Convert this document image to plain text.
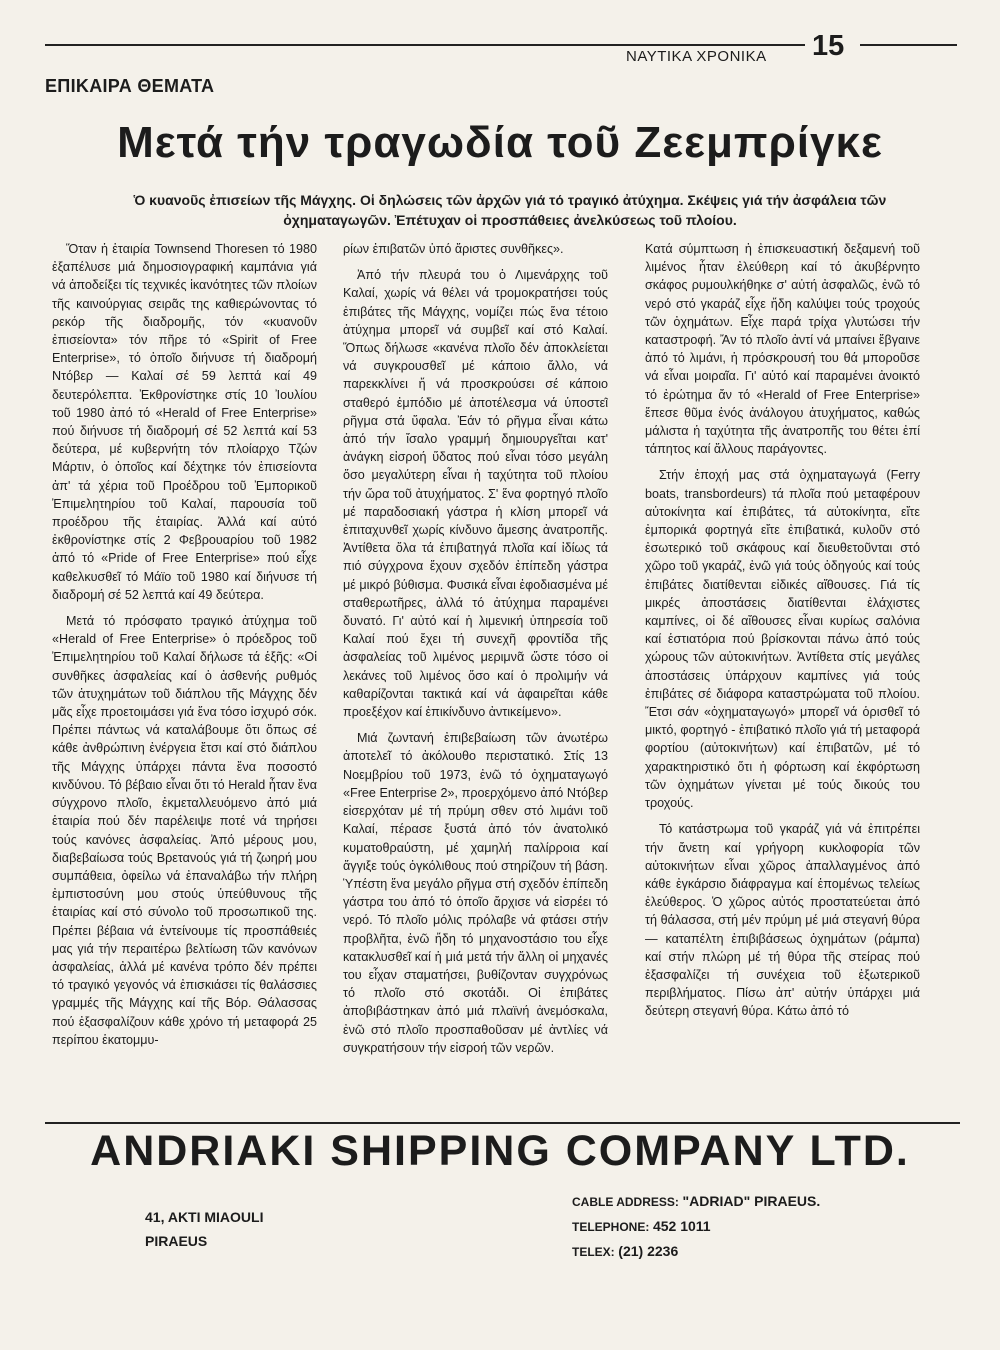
ΝΑΥΤΙΚΑ ΧΡΟΝΙΚΑ 15
ΕΠΙΚΑΙΡΑ ΘΕΜΑΤΑ
Μετά τήν τραγωδία τοῦ Ζεεμπρίγκε
Ὁ κυανοῦς ἐπισείων τῆς Μάγχης. Οἱ δηλώσεις τῶν ἀρχῶν γιά τό τραγικό ἀτύχημα. Σκέψεις γιά τήν ἀσφάλεια τῶν ὀχηματαγωγῶν. Ἐπέτυχαν οἱ προσπάθειες ἀνελκύσεως τοῦ πλοίου.

Ὅταν ἡ ἑταιρία Townsend Thoresen τό 1980 ἐξαπέλυσε μιά δημοσιογραφική καμπάνια γιά νά ἀποδείξει τίς τεχνικές ἱκανότητες τῶν πλοίων τῆς καινούργιας σειρᾶς της καθιερώνοντας τό ρεκόρ τῆς διαδρομῆς, τόν «κυανοῦν ἐπισείοντα» τόν πῆρε τό «Spirit of Free Enterprise», τό ὁποῖο διήνυσε τή διαδρομή Ντόβερ — Καλαί σέ 59 λεπτά καί 49 δευτερόλεπτα. Ἐκθρονίστηκε στίς 10 Ἰουλίου τοῦ 1980 ἀπό τό «Herald of Free Enterprise» πού διήνυσε τή διαδρομή σέ 52 λεπτά καί 53 δεύτερα, μέ κυβερνήτη τόν πλοίαρχο Τζών Μάρτιν, ὁ ὁποῖος καί δέχτηκε τόν ἐπισείοντα ἀπ' τά χέρια τοῦ Προέδρου τοῦ Ἐμπορικοῦ Ἐπιμελητηρίου τοῦ Καλαί, παρουσία τοῦ προέδρου τῆς ἑταιρίας. Ἀλλά καί αὐτό ἐκθρονίστηκε στίς 2 Φεβρουαρίου τοῦ 1982 ἀπό τό «Pride of Free Enterprise» πού εἶχε καθελκυσθεῖ τό Μάϊο τοῦ 1980 καί διήνυσε τή διαδρομή σέ 52 λεπτά καί 49 δεύτερα.

Μετά τό πρόσφατο τραγικό ἀτύχημα τοῦ «Herald of Free Enterprise» ὁ πρόεδρος τοῦ Ἐπιμελητηρίου τοῦ Καλαί δήλωσε τά ἑξῆς: «Οἱ συνθῆκες ἀσφαλείας καί ὁ ἀσθενής ρυθμός τῶν ἀτυχημάτων τοῦ διάπλου τῆς Μάγχης δέν μᾶς εἶχε προετοιμάσει γιά ἕνα τόσο ἰσχυρό σόκ. Πρέπει πάντως νά καταλάβουμε ὅτι ὅπως σέ κάθε ἀνθρώπινη ἐνέργεια ἔτσι καί στό διάπλου τῆς Μάγχης ὑπάρχει πάντα ἕνα ποσοστό κινδύνου. Τό βέβαιο εἶναι ὅτι τό Herald ἦταν ἕνα σύγχρονο πλοῖο, ἐκμεταλλευόμενο ἀπό μιά ἑταιρία πού δέν παρέλειψε ποτέ νά τηρήσει τούς κανόνες ἀσφαλείας. Ἀπό μέρους μου, διαβεβαίωσα τούς Βρετανούς γιά τή ζωηρή μου συμπάθεια, ὀφείλω νά ἐπαναλάβω τήν πλήρη ἐμπιστοσύνη μου στούς ὑπεύθυνους τῆς ἑταιρίας καί στό σύνολο τοῦ προσωπικοῦ της. Πρέπει βέβαια νά ἐντείνουμε τίς προσπάθειές μας γιά τήν περαιτέρω βελτίωση τῶν κανόνων ἀσφαλείας, ἀλλά μέ κανένα τρόπο δέν πρέπει τό τραγικό γεγονός νά ἐπισκιάσει τίς θαλάσσιες γραμμές τῆς Μάγχης καί τῆς Βόρ. Θάλασσας πού ἐξασφαλίζουν κάθε χρόνο τή μεταφορά 25 περίπου ἑκατομμυ-

ρίων ἐπιβατῶν ὑπό ἄριστες συνθῆκες».

Ἀπό τήν πλευρά του ὁ Λιμενάρχης τοῦ Καλαί, χωρίς νά θέλει νά τρομοκρατήσει τούς ἐπιβάτες τῆς Μάγχης, νομίζει πώς ἕνα τέτοιο ἀτύχημα μπορεῖ νά συμβεῖ καί στό Καλαί. Ὅπως δήλωσε «κανένα πλοῖο δέν ἀποκλείεται νά συγκρουσθεῖ μέ κάποιο ἄλλο, νά παρεκκλίνει ἤ νά προσκρούσει σέ κάποιο σταθερό ἐμπόδιο μέ ἀποτέλεσμα νά ὑποστεῖ ρῆγμα στά ὕφαλα. Ἐάν τό ρῆγμα εἶναι κάτω ἀπό τήν ἴσαλο γραμμή δημιουργεῖται κατ' ἀνάγκη εἰσροή ὕδατος πού εἶναι τόσο μεγάλη ὅσο μεγαλύτερη εἶναι ἡ ταχύτητα τοῦ πλοίου τήν ὥρα τοῦ ἀτυχήματος. Σ' ἕνα φορτηγό πλοῖο μέ παραδοσιακή γάστρα ἡ κλίση μπορεῖ νά ἐπιταχυνθεῖ χωρίς κίνδυνο ἄμεσης ἀνατροπῆς. Ἀντίθετα ὅλα τά ἐπιβατηγά πλοῖα καί ἰδίως τά πιό σύγχρονα ἔχουν σχεδόν ἐπίπεδη γάστρα μέ μικρό βύθισμα. Φυσικά εἶναι ἐφοδιασμένα μέ σταθερωτῆρες, ἀλλά τό ἀτύχημα παραμένει δυνατό. Γι' αὐτό καί ἡ λιμενική ὑπηρεσία τοῦ Καλαί πού ἔχει τή συνεχῆ φροντίδα τῆς ἀσφαλείας τοῦ λιμένος μεριμνᾶ ὥστε τόσο οἱ λεκάνες τοῦ λιμένος ὅσο καί ὁ προλιμήν νά καθαρίζονται τακτικά καί νά ἀφαιρεῖται κάθε προεξέχον καί ἐπικίνδυνο ἀντικείμενο».

Μιά ζωντανή ἐπιβεβαίωση τῶν ἀνωτέρω ἀποτελεῖ τό ἀκόλουθο περιστατικό. Στίς 13 Νοεμβρίου τοῦ 1973, ἐνῶ τό ὀχηματαγωγό «Free Enterprise 2», προερχόμενο ἀπό Ντόβερ εἰσερχόταν μέ τή πρύμη σθεν στό λιμάνι τοῦ Καλαί, πέρασε ξυστά ἀπό τόν ἀνατολικό κυματοθραύστη, μέ χαμηλή παλίρροια καί ἄγγιξε τούς ὀγκόλιθους πού στηρίζουν τή βάση. Ὑπέστη ἕνα μεγάλο ρῆγμα στή σχεδόν ἐπίπεδη γάστρα του ἀπό τό ὁποῖο ἄρχισε νά εἰσρέει τό νερό. Τό πλοῖο μόλις πρόλαβε νά φτάσει στήν προβλῆτα, ἐνῶ ἤδη τό μηχανοστάσιο του εἶχε κατακλυσθεῖ καί ἡ μιά μετά τήν ἄλλη οἱ μηχανές του εἶχαν σταματήσει, βυθίζονταν συγχρόνως τό πλοῖο στό σκοτάδι. Οἱ ἐπιβάτες ἀποβιβάστηκαν ἀπό μιά πλαϊνή ἀνεμόσκαλα, ἐνῶ στό πλοῖο προσπαθοῦσαν μέ ἀντλίες νά συγκρατήσουν τήν εἰσροή τῶν νερῶν.

Κατά σύμπτωση ἡ ἐπισκευαστική δεξαμενή τοῦ λιμένος ἦταν ἐλεύθερη καί τό ἀκυβέρνητο σκάφος ρυμουλκήθηκε σ' αὐτή ἀσφαλῶς, ἐνῶ τό νερό στό γκαράζ εἶχε ἤδη καλύψει τούς τροχούς τῶν ὀχημάτων. Εἶχε παρά τρίχα γλυτώσει τήν καταστροφή. Ἄν τό πλοῖο ἀντί νά μπαίνει ἔβγαινε ἀπό τό λιμάνι, ἡ πρόσκρουσή του θά μποροῦσε νά εἶναι μοιραῖα. Γι' αὐτό καί παραμένει ἀνοικτό τό ἐρώτημα ἄν τό «Herald of Free Enterprise» ἔπεσε θῦμα ἑνός ἀνάλογου ἀτυχήματος, καθώς μάλιστα ἡ ταχύτητα τῆς ἀνατροπῆς του θέτει ἐπί τάπητος καί ἄλλους παράγοντες.

Στήν ἐποχή μας στά ὀχηματαγωγά (Ferry boats, transbordeurs) τά πλοῖα πού μεταφέρουν αὐτοκίνητα καί ἐπιβάτες, τά αὐτοκίνητα, εἴτε ἐμπορικά φορτηγά εἴτε ἐπιβατικά, κυλοῦν στό ἐσωτερικό τοῦ σκάφους καί διευθετοῦνται στό χῶρο τοῦ γκαράζ, ἐνῶ γιά τούς ὁδηγούς καί τούς ἐπιβάτες διατίθενται εἰδικές αἴθουσες. Γιά τίς μικρές ἀποστάσεις διατίθενται ἐλάχιστες καμπίνες, οἱ δέ αἴθουσες εἶναι κυρίως σαλόνια καί ἑστιατόρια πού βρίσκονται πάνω ἀπό τούς χώρους τῶν αὐτοκινήτων. Ἀντίθετα στίς μεγάλες ἀποστάσεις ὑπάρχουν καμπίνες γιά τούς ἐπιβάτες σέ διάφορα καταστρώματα τοῦ πλοίου. Ἔτσι σάν «ὀχηματαγωγό» μπορεῖ νά ὁρισθεῖ τό μικτό, φορτηγό - ἐπιβατικό πλοῖο γιά τή μεταφορά φορτίου (αὐτοκινήτων) καί ἐπιβατῶν, μέ τό χαρακτηριστικό ὅτι ἡ φόρτωση καί ἐκφόρτωση τῶν ὀχημάτων γίνεται μέ τούς δικούς του τροχούς.

Τό κατάστρωμα τοῦ γκαράζ γιά νά ἐπιτρέπει τήν ἄνετη καί γρήγορη κυκλοφορία τῶν αὐτοκινήτων εἶναι χῶρος ἀπαλλαγμένος ἀπό κάθε ἐγκάρσιο διάφραγμα καί ἑπομένως τελείως ἐλεύθερος. Ὁ χῶρος αὐτός προστατεύεται ἀπό τή θάλασσα, στή μέν πρύμη μέ μιά στεγανή θύρα — καταπέλτη ἐπιβιβάσεως ὀχημάτων (ράμπα) καί στήν πλώρη μέ τή θύρα τῆς στείρας πού ἐξασφαλίζει τή συνέχεια τοῦ ἐξωτερικοῦ περιβλήματος. Πίσω ἀπ' αὐτήν ὑπάρχει μιά δεύτερη στεγανή θύρα. Κάτω ἀπό τό

ANDRIAKI SHIPPING COMPANY LTD.
41, AKTI MIAOULI
PIRAEUS
CABLE ADDRESS: "ADRIAD" PIRAEUS.
TELEPHONE: 452 1011
TELEX: (21) 2236
